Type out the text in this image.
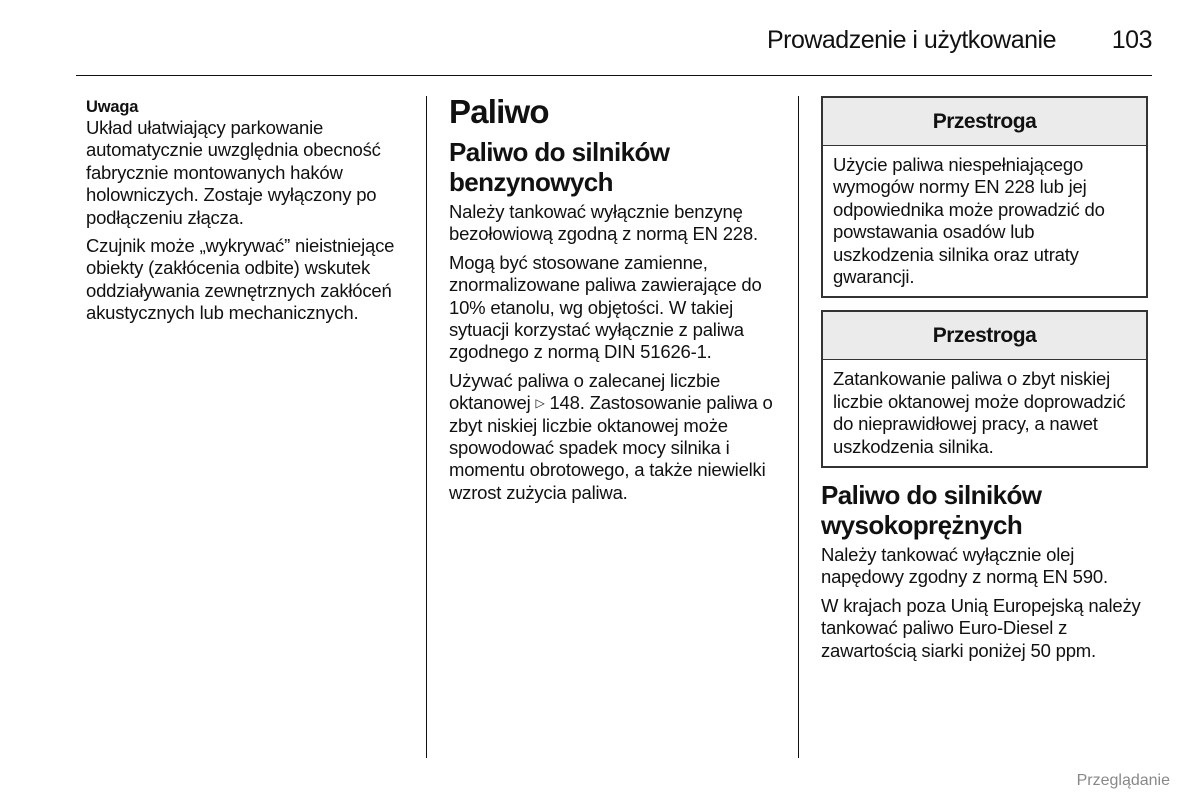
Prowadzenie i użytkowanie	103

Uwaga

Układ ułatwiający parkowanie automatycznie uwzględnia obecność fabrycznie montowanych haków holowniczych. Zostaje wyłączony po podłączeniu złącza.

Czujnik może „wykrywać” nieistniejące obiekty (zakłócenia odbite) wskutek oddziaływania zewnętrznych zakłóceń akustycznych lub mechanicznych.

Paliwo
Paliwo do silników benzynowych

Należy tankować wyłącznie benzynę bezołowiową zgodną z normą EN 228.

Mogą być stosowane zamienne, znormalizowane paliwa zawierające do 10% etanolu, wg objętości. W takiej sytuacji korzystać wyłącznie z paliwa zgodnego z normą DIN 51626-1.

Używać paliwa o zalecanej liczbie oktanowej ▷ 148. Zastosowanie paliwa o zbyt niskiej liczbie oktanowej może spowodować spadek mocy silnika i momentu obrotowego, a także niewielki wzrost zużycia paliwa.

Przestroga

Użycie paliwa niespełniającego wymogów normy EN 228 lub jej odpowiednika może prowadzić do powstawania osadów lub uszkodzenia silnika oraz utraty gwarancji.

Przestroga

Zatankowanie paliwa o zbyt niskiej liczbie oktanowej może doprowadzić do nieprawidłowej pracy, a nawet uszkodzenia silnika.

Paliwo do silników wysokoprężnych

Należy tankować wyłącznie olej napędowy zgodny z normą EN 590.

W krajach poza Unią Europejską należy tankować paliwo Euro-Diesel z zawartością siarki poniżej 50 ppm.

Przeglądanie
